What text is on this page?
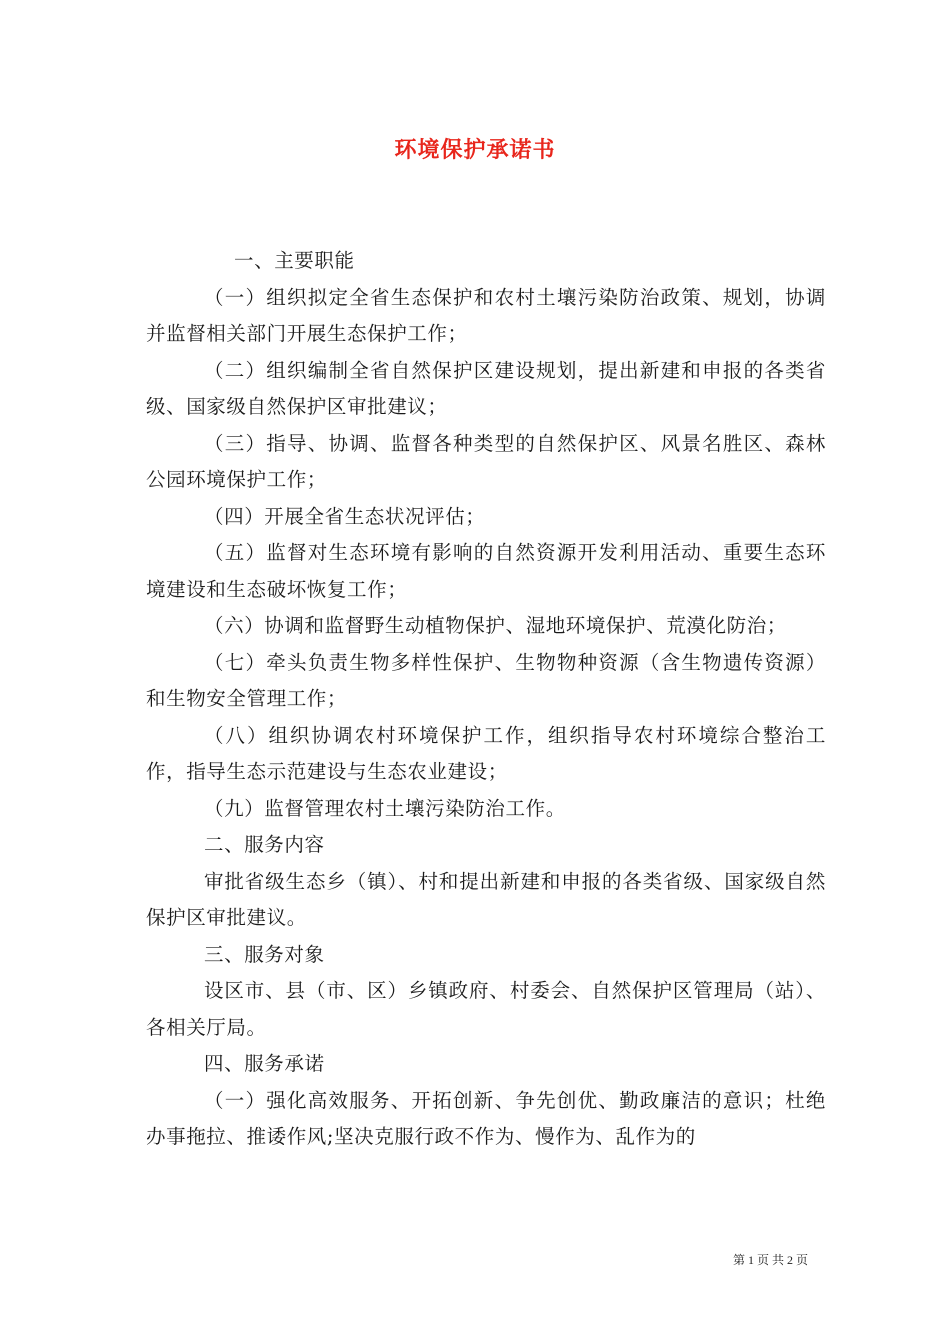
环境保护承诺书

一、主要职能

（一）组织拟定全省生态保护和农村土壤污染防治政策、规划，协调并监督相关部门开展生态保护工作；

（二）组织编制全省自然保护区建设规划，提出新建和申报的各类省级、国家级自然保护区审批建议；

（三）指导、协调、监督各种类型的自然保护区、风景名胜区、森林公园环境保护工作；

（四）开展全省生态状况评估；

（五）监督对生态环境有影响的自然资源开发利用活动、重要生态环境建设和生态破坏恢复工作；

（六）协调和监督野生动植物保护、湿地环境保护、荒漠化防治；

（七）牵头负责生物多样性保护、生物物种资源（含生物遗传资源）和生物安全管理工作；

（八）组织协调农村环境保护工作，组织指导农村环境综合整治工作，指导生态示范建设与生态农业建设；

（九）监督管理农村土壤污染防治工作。

二、服务内容

审批省级生态乡（镇）、村和提出新建和申报的各类省级、国家级自然保护区审批建议。

三、服务对象

设区市、县（市、区）乡镇政府、村委会、自然保护区管理局（站）、各相关厅局。

四、服务承诺

（一）强化高效服务、开拓创新、争先创优、勤政廉洁的意识；杜绝办事拖拉、推诿作风;坚决克服行政不作为、慢作为、乱作为的

第 1 页 共 2 页
